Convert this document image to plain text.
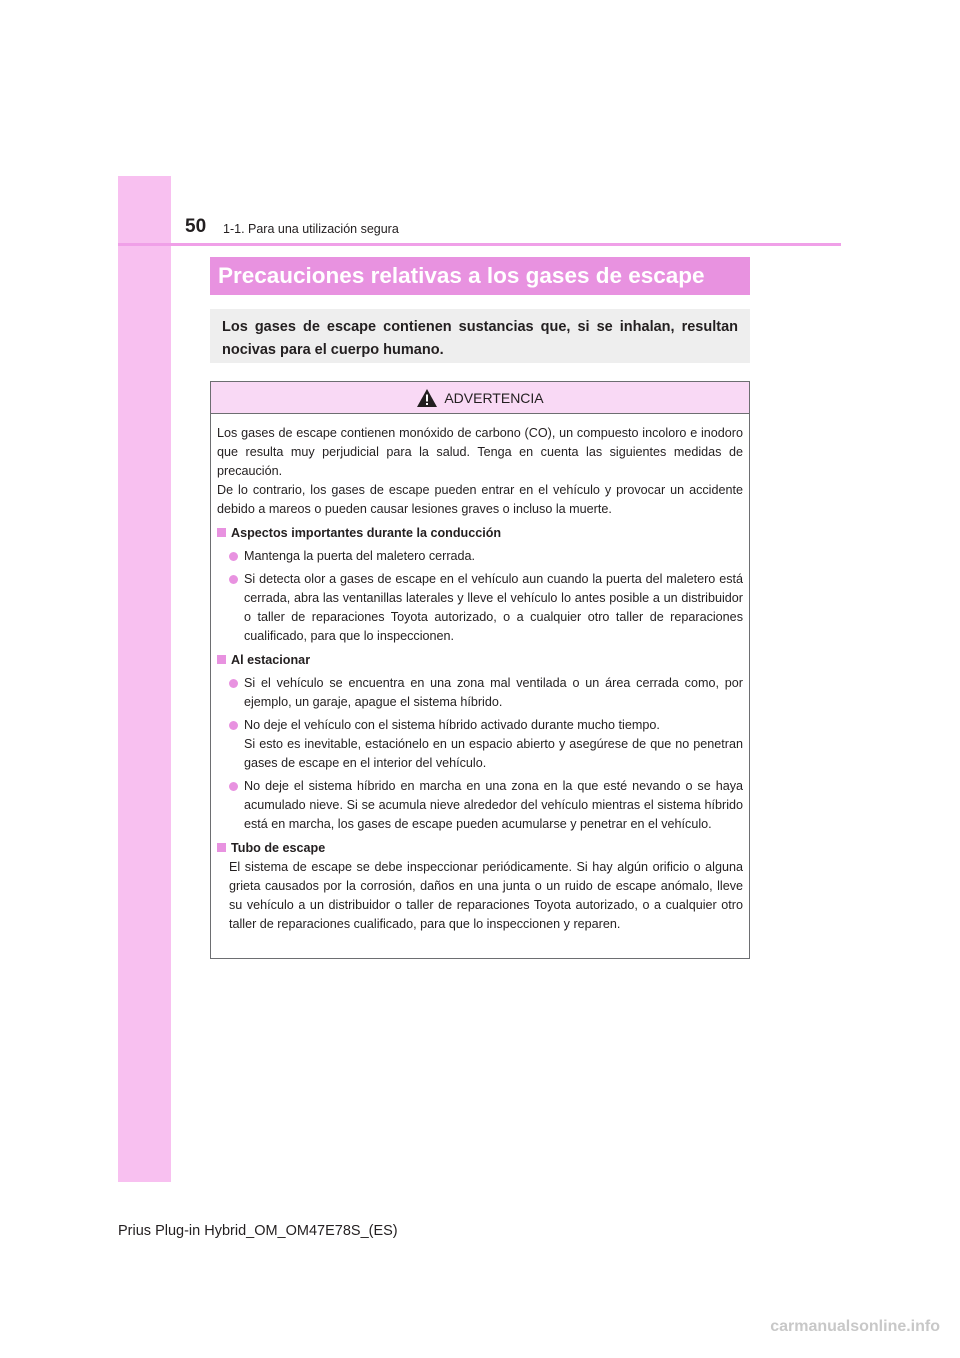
50 1-1. Para una utilización segura
Precauciones relativas a los gases de escape
Los gases de escape contienen sustancias que, si se inhalan, resultan nocivas para el cuerpo humano.
ADVERTENCIA

Los gases de escape contienen monóxido de carbono (CO), un compuesto incoloro e inodoro que resulta muy perjudicial para la salud. Tenga en cuenta las siguientes medidas de precaución.

De lo contrario, los gases de escape pueden entrar en el vehículo y provocar un accidente debido a mareos o pueden causar lesiones graves o incluso la muerte.

Aspectos importantes durante la conducción
Mantenga la puerta del maletero cerrada.
Si detecta olor a gases de escape en el vehículo aun cuando la puerta del maletero está cerrada, abra las ventanillas laterales y lleve el vehículo lo antes posible a un distribuidor o taller de reparaciones Toyota autorizado, o a cualquier otro taller de reparaciones cualificado, para que lo inspeccionen.
Al estacionar
Si el vehículo se encuentra en una zona mal ventilada o un área cerrada como, por ejemplo, un garaje, apague el sistema híbrido.
No deje el vehículo con el sistema híbrido activado durante mucho tiempo.
Si esto es inevitable, estaciónelo en un espacio abierto y asegúrese de que no penetran gases de escape en el interior del vehículo.
No deje el sistema híbrido en marcha en una zona en la que esté nevando o se haya acumulado nieve. Si se acumula nieve alrededor del vehículo mientras el sistema híbrido está en marcha, los gases de escape pueden acumularse y penetrar en el vehículo.
Tubo de escape

El sistema de escape se debe inspeccionar periódicamente. Si hay algún orificio o alguna grieta causados por la corrosión, daños en una junta o un ruido de escape anómalo, lleve su vehículo a un distribuidor o taller de reparaciones Toyota autorizado, o a cualquier otro taller de reparaciones cualificado, para que lo inspeccionen y reparen.

Prius Plug-in Hybrid_OM_OM47E78S_(ES)
carmanualsonline.info
